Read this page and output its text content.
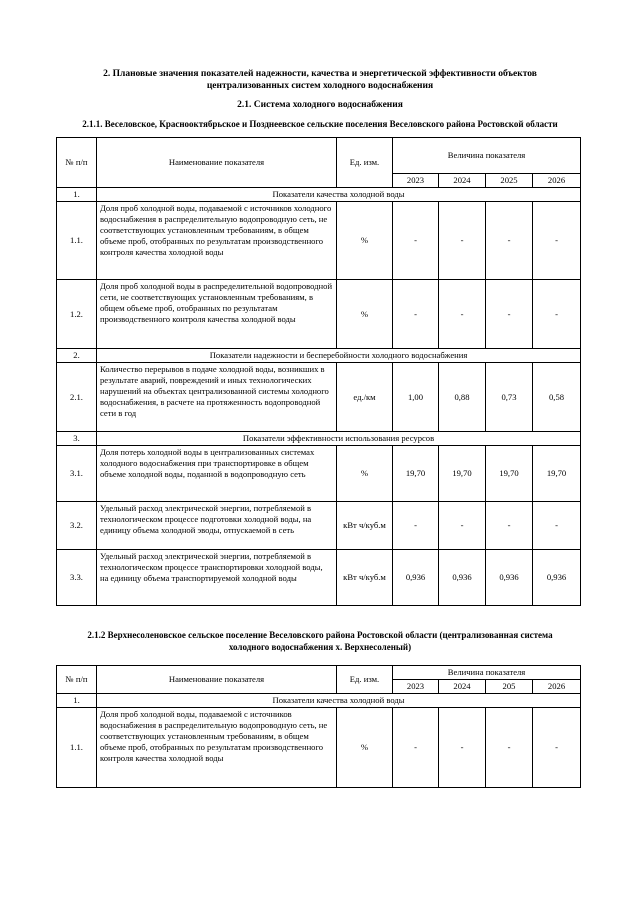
2. Плановые значения показателей надежности, качества и энергетической эффективности объектов
централизованных систем холодного водоснабжения
2.1. Система холодного водоснабжения
2.1.1. Веселовское, Краснооктябрьское и Позднеевское сельские поселения Веселовского района Ростовской области
№ п/п	Наименование показателя	Ед. изм.	Величина показателя			
			2023	2024	2025	2026
1.	Показатели качества холодной воды					
1.1.	Доля проб холодной воды, подаваемой с источников холодного водоснабжения в распределительную водопроводную сеть, не соответствующих установленным требованиям, в общем объеме проб, отобранных по результатам производственного контроля качества холодной воды	%	-	-	-	-
1.2.	Доля проб холодной воды в распределительной водопроводной сети, не соответствующих установленным требованиям, в общем объеме проб, отобранных по результатам производственного контроля качества холодной воды	%	-	-	-	-
2.	Показатели надежности и бесперебойности холодного водоснабжения					
2.1.	Количество перерывов в подаче холодной воды, возникших в результате аварий, повреждений и иных технологических нарушений на объектах централизованной системы холодного водоснабжения, в расчете на протяженность водопроводной сети в год	ед./км	1,00	0,88	0,73	0,58
3.	Показатели эффективности использования ресурсов					
3.1.	Доля потерь холодной воды в централизованных системах холодного водоснабжения при транспортировке в общем объеме холодной воды, поданной в водопроводную сеть	%	19,70	19,70	19,70	19,70
3.2.	Удельный расход электрической энергии, потребляемой в технологическом процессе подготовки холодной воды, на единицу объема холодной эводы, отпускаемой в сеть	кВт ч/куб.м	-	-	-	-
3.3.	Удельный расход электрической энергии, потребляемой в технологическом процессе транспортировки холодной воды, на единицу объема транспортируемой холодной воды	кВт ч/куб.м	0,936	0,936	0,936	0,936
2.1.2 Верхнесоленовское сельское поселение Веселовского района Ростовской области (централизованная система
холодного водоснабжения х. Верхнесоленый)
№ п/п	Наименование показателя	Ед. изм.	Величина показателя			
			2023	2024	205	2026
1.	Показатели качества холодной воды					
1.1.	Доля проб холодной воды, подаваемой с источников водоснабжения в распределительную водопроводную сеть, не соответствующих установленным требованиям, в общем объеме проб, отобранных по результатам производственного контроля качества холодной воды	%	-	-	-	-
